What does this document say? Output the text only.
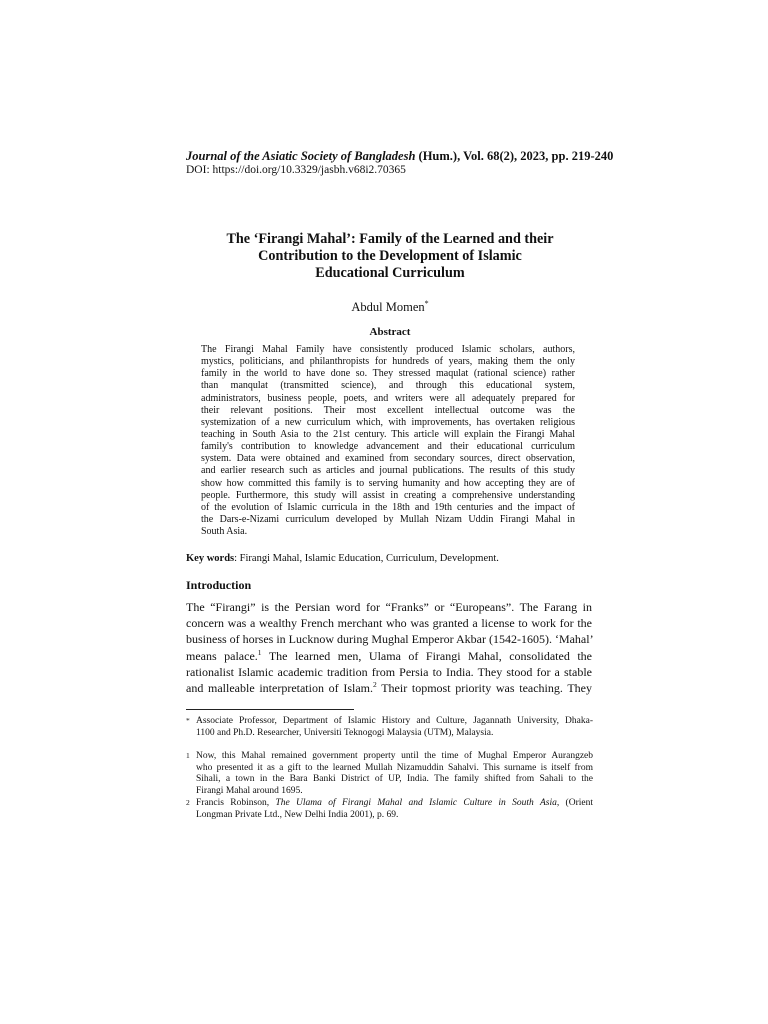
Journal of the Asiatic Society of Bangladesh (Hum.), Vol. 68(2), 2023, pp. 219-240
DOI: https://doi.org/10.3329/jasbh.v68i2.70365
The ‘Firangi Mahal’: Family of the Learned and their
Contribution to the Development of Islamic
Educational Curriculum
Abdul Momen*
Abstract
The Firangi Mahal Family have consistently produced Islamic scholars, authors,
mystics, politicians, and philanthropists for hundreds of years, making them the only
family in the world to have done so. They stressed maqulat (rational science) rather
than manqulat (transmitted science), and through this educational system,
administrators, business people, poets, and writers were all adequately prepared for
their relevant positions. Their most excellent intellectual outcome was the
systemization of a new curriculum which, with improvements, has overtaken religious
teaching in South Asia to the 21st century. This article will explain the Firangi Mahal
family's contribution to knowledge advancement and their educational curriculum
system. Data were obtained and examined from secondary sources, direct observation,
and earlier research such as articles and journal publications. The results of this study
show how committed this family is to serving humanity and how accepting they are of
people. Furthermore, this study will assist in creating a comprehensive understanding
of the evolution of Islamic curricula in the 18th and 19th centuries and the impact of
the Dars-e-Nizami curriculum developed by Mullah Nizam Uddin Firangi Mahal in
South Asia.
Key words: Firangi Mahal, Islamic Education, Curriculum, Development.
Introduction
The “Firangi” is the Persian word for “Franks” or “Europeans”. The Farang in
concern was a wealthy French merchant who was granted a license to work for the
business of horses in Lucknow during Mughal Emperor Akbar (1542-1605). ‘Mahal’
means palace.$^1$ The learned men, Ulama of Firangi Mahal, consolidated the
rationalist Islamic academic tradition from Persia to India. They stood for a stable
and malleable interpretation of Islam.$^2$ Their topmost priority was teaching. They
* Associate Professor, Department of Islamic History and Culture, Jagannath University, Dhaka-
1100 and Ph.D. Researcher, Universiti Teknogogi Malaysia (UTM), Malaysia.
1 Now, this Mahal remained government property until the time of Mughal Emperor Aurangzeb
who presented it as a gift to the learned Mullah Nizamuddin Sahalvi. This surname is itself from
Sihali, a town in the Bara Banki District of UP, India. The family shifted from Sahali to the
Firangi Mahal around 1695.
2 Francis Robinson, The Ulama of Firangi Mahal and Islamic Culture in South Asia, (Orient
Longman Private Ltd., New Delhi India 2001), p. 69.
